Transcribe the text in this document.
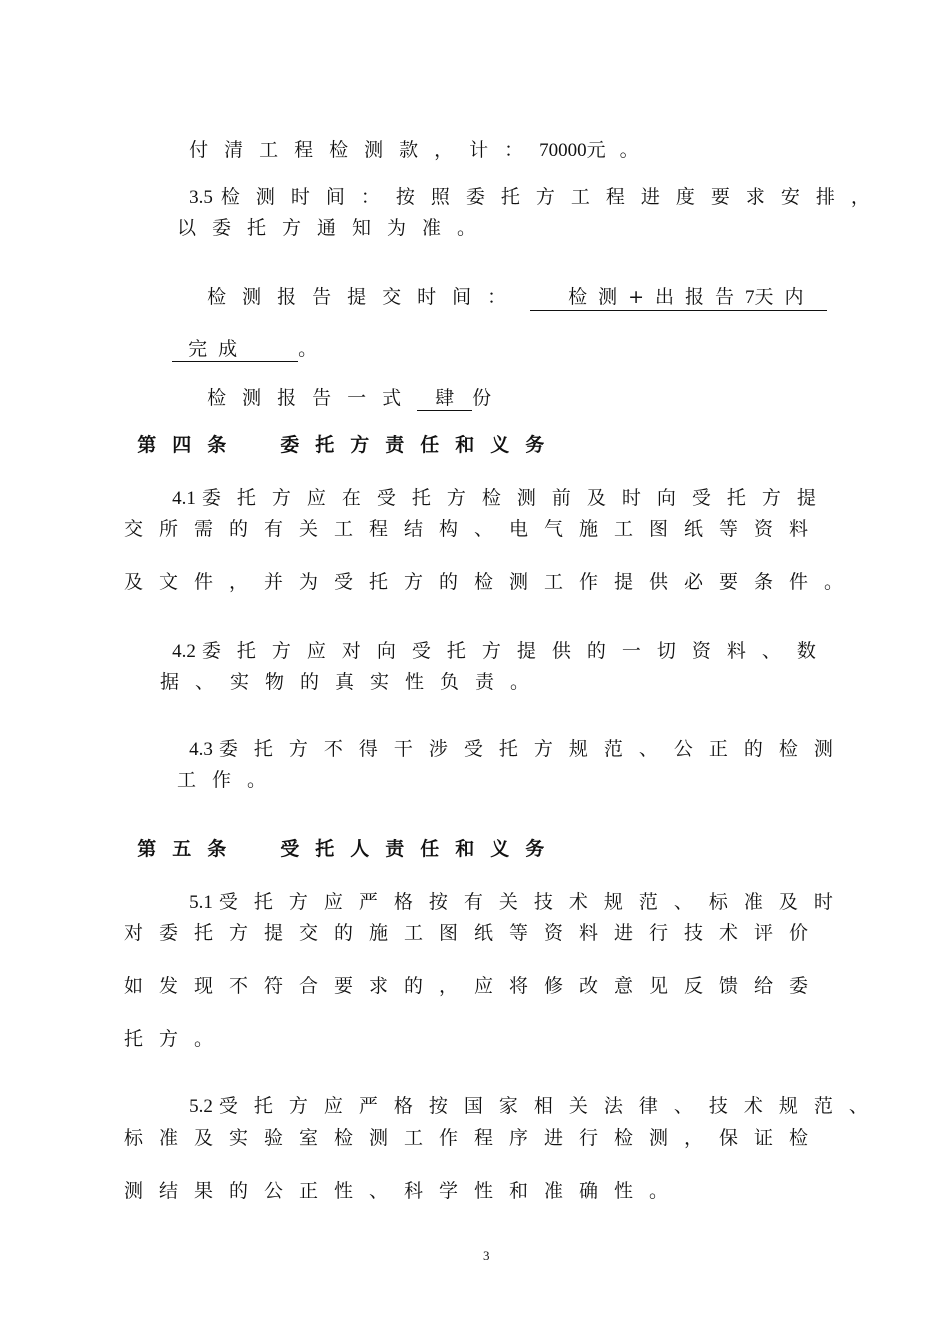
付清工程检测款，计：70000元 。

3.5 检测时间：按照委托方工程进度要求安排，

以委托方通知为准。

检测报告提交时间： 检测+出报告7天内

完成	。

检测报告一式 肆 份

第四条 委托方责任和义务

4.1 委托方应在受托方检测前及时向受托方提

交所需的有关工程结构、电气施工图纸等资料
及文件，并为受托方的检测工作提供必要条件。

4.2 委托方应对向受托方提供的一切资料、数

据、实物的真实性负责。

4.3 委托方不得干涉受托方规范、公正的检测

工作。

第五条 受托人责任和义务

5.1 受托方应严格按有关技术规范、标准及时

对委托方提交的施工图纸等资料进行技术评价
如发现不符合要求的，应将修改意见反馈给委
托方。

5.2 受托方应严格按国家相关法律、技术规范、

标准及实验室检测工作程序进行检测，保证检
测结果的公正性、科学性和准确性。
3
